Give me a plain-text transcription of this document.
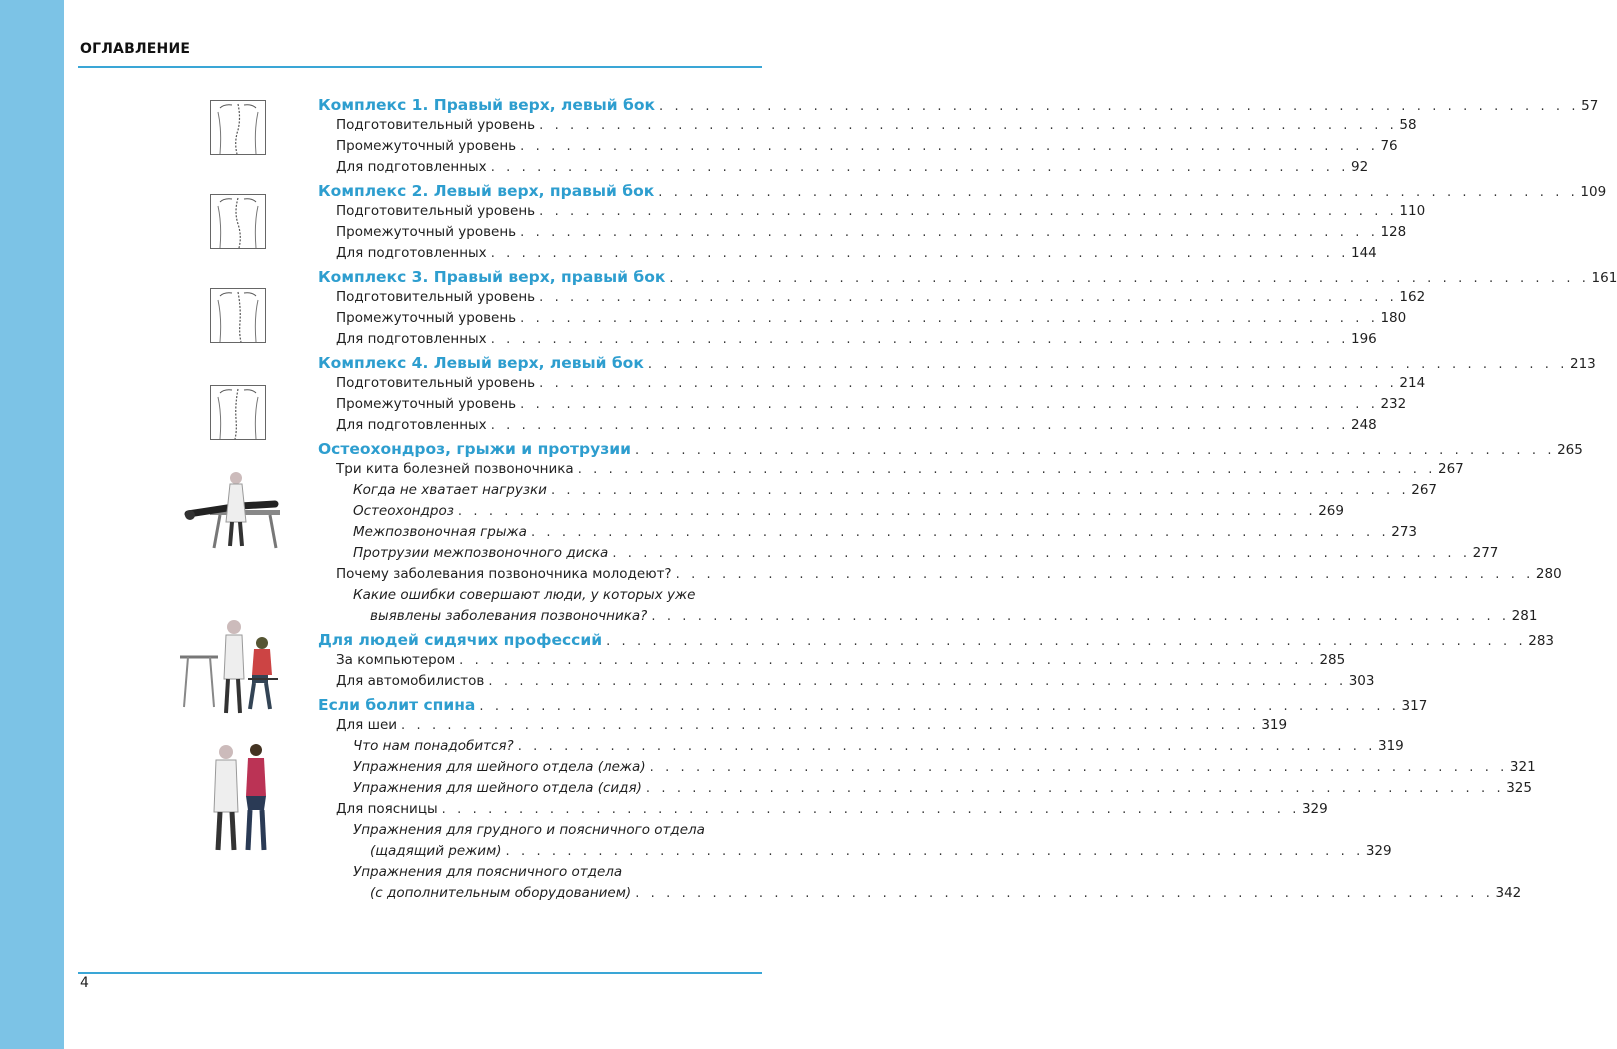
ОГЛАВЛЕНИЕ
Комплекс 1. Правый верх, левый бок . . . . . . . . . . . . . . . . . . . . . . . . . . . . . . . . . . . . . . . . . . . . . . . . . . . . . . . . . . . . 57
Подготовительный уровень . . . . . . . . . . . . . . . . . . . . . . . . . . . . . . . . . . . . . . . . . . . . . . . . . . . . . . . . 58
Промежуточный уровень . . . . . . . . . . . . . . . . . . . . . . . . . . . . . . . . . . . . . . . . . . . . . . . . . . . . . . . . 76
Для подготовленных . . . . . . . . . . . . . . . . . . . . . . . . . . . . . . . . . . . . . . . . . . . . . . . . . . . . . . . . 92
Комплекс 2. Левый верх, правый бок . . . . . . . . . . . . . . . . . . . . . . . . . . . . . . . . . . . . . . . . . . . . . . . . . . . . . . . . . . . . 109
Подготовительный уровень . . . . . . . . . . . . . . . . . . . . . . . . . . . . . . . . . . . . . . . . . . . . . . . . . . . . . . . . 110
Промежуточный уровень . . . . . . . . . . . . . . . . . . . . . . . . . . . . . . . . . . . . . . . . . . . . . . . . . . . . . . . . 128
Для подготовленных . . . . . . . . . . . . . . . . . . . . . . . . . . . . . . . . . . . . . . . . . . . . . . . . . . . . . . . . 144
Комплекс 3. Правый верх, правый бок . . . . . . . . . . . . . . . . . . . . . . . . . . . . . . . . . . . . . . . . . . . . . . . . . . . . . . . . . . . . 161
Подготовительный уровень . . . . . . . . . . . . . . . . . . . . . . . . . . . . . . . . . . . . . . . . . . . . . . . . . . . . . . . . 162
Промежуточный уровень . . . . . . . . . . . . . . . . . . . . . . . . . . . . . . . . . . . . . . . . . . . . . . . . . . . . . . . . 180
Для подготовленных . . . . . . . . . . . . . . . . . . . . . . . . . . . . . . . . . . . . . . . . . . . . . . . . . . . . . . . . 196
Комплекс 4. Левый верх, левый бок . . . . . . . . . . . . . . . . . . . . . . . . . . . . . . . . . . . . . . . . . . . . . . . . . . . . . . . . . . . . 213
Подготовительный уровень . . . . . . . . . . . . . . . . . . . . . . . . . . . . . . . . . . . . . . . . . . . . . . . . . . . . . . . . 214
Промежуточный уровень . . . . . . . . . . . . . . . . . . . . . . . . . . . . . . . . . . . . . . . . . . . . . . . . . . . . . . . . 232
Для подготовленных . . . . . . . . . . . . . . . . . . . . . . . . . . . . . . . . . . . . . . . . . . . . . . . . . . . . . . . . 248
Остеохондроз, грыжи и протрузии . . . . . . . . . . . . . . . . . . . . . . . . . . . . . . . . . . . . . . . . . . . . . . . . . . . . . . . . . . . . 265
Три кита болезней позвоночника . . . . . . . . . . . . . . . . . . . . . . . . . . . . . . . . . . . . . . . . . . . . . . . . . . . . . . . . 267
Когда не хватает нагрузки . . . . . . . . . . . . . . . . . . . . . . . . . . . . . . . . . . . . . . . . . . . . . . . . . . . . . . . . 267
Остеохондроз . . . . . . . . . . . . . . . . . . . . . . . . . . . . . . . . . . . . . . . . . . . . . . . . . . . . . . . . 269
Межпозвоночная грыжа . . . . . . . . . . . . . . . . . . . . . . . . . . . . . . . . . . . . . . . . . . . . . . . . . . . . . . . . 273
Протрузии межпозвоночного диска . . . . . . . . . . . . . . . . . . . . . . . . . . . . . . . . . . . . . . . . . . . . . . . . . . . . . . . . 277
Почему заболевания позвоночника молодеют? . . . . . . . . . . . . . . . . . . . . . . . . . . . . . . . . . . . . . . . . . . . . . . . . . . . . . . . . 280
Какие ошибки совершают люди, у которых уже
выявлены заболевания позвоночника? . . . . . . . . . . . . . . . . . . . . . . . . . . . . . . . . . . . . . . . . . . . . . . . . . . . . . . . . 281
Для людей сидячих профессий . . . . . . . . . . . . . . . . . . . . . . . . . . . . . . . . . . . . . . . . . . . . . . . . . . . . . . . . . . . . 283
За компьютером . . . . . . . . . . . . . . . . . . . . . . . . . . . . . . . . . . . . . . . . . . . . . . . . . . . . . . . . 285
Для автомобилистов . . . . . . . . . . . . . . . . . . . . . . . . . . . . . . . . . . . . . . . . . . . . . . . . . . . . . . . . 303
Если болит спина . . . . . . . . . . . . . . . . . . . . . . . . . . . . . . . . . . . . . . . . . . . . . . . . . . . . . . . . . . . . 317
Для шеи . . . . . . . . . . . . . . . . . . . . . . . . . . . . . . . . . . . . . . . . . . . . . . . . . . . . . . . . 319
Что нам понадобится? . . . . . . . . . . . . . . . . . . . . . . . . . . . . . . . . . . . . . . . . . . . . . . . . . . . . . . . . 319
Упражнения для шейного отдела (лежа) . . . . . . . . . . . . . . . . . . . . . . . . . . . . . . . . . . . . . . . . . . . . . . . . . . . . . . . . 321
Упражнения для шейного отдела (сидя) . . . . . . . . . . . . . . . . . . . . . . . . . . . . . . . . . . . . . . . . . . . . . . . . . . . . . . . . 325
Для поясницы . . . . . . . . . . . . . . . . . . . . . . . . . . . . . . . . . . . . . . . . . . . . . . . . . . . . . . . . 329
Упражнения для грудного и поясничного отдела
(щадящий режим) . . . . . . . . . . . . . . . . . . . . . . . . . . . . . . . . . . . . . . . . . . . . . . . . . . . . . . . . 329
Упражнения для поясничного отдела
(с дополнительным оборудованием) . . . . . . . . . . . . . . . . . . . . . . . . . . . . . . . . . . . . . . . . . . . . . . . . . . . . . . . . 342
4
